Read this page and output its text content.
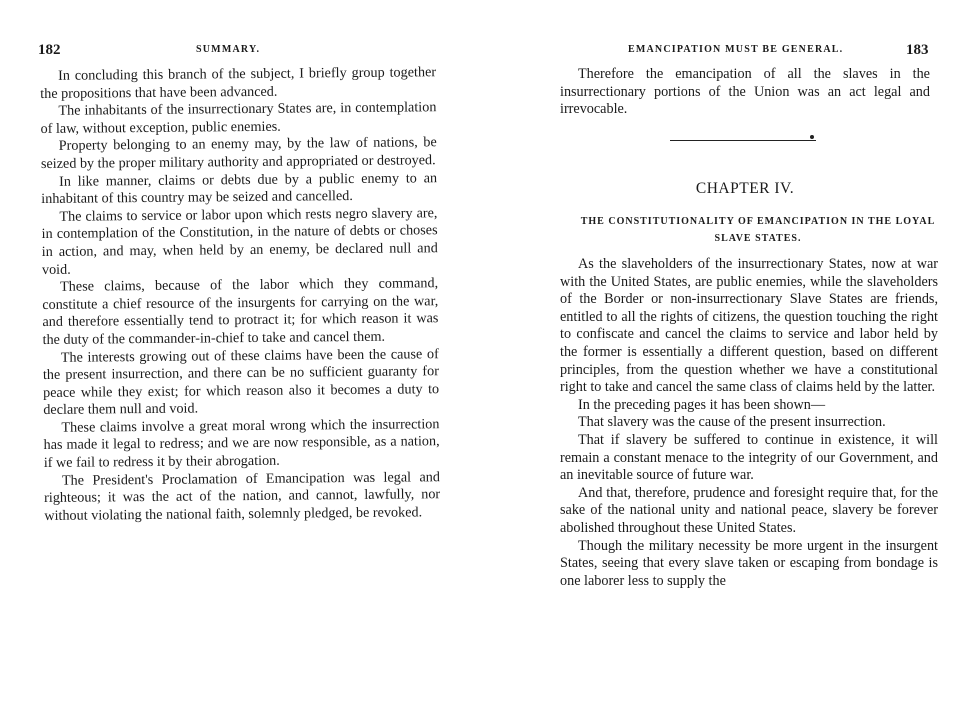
182	SUMMARY.

In concluding this branch of the subject, I briefly group together the propositions that have been advanced.

The inhabitants of the insurrectionary States are, in contemplation of law, without exception, public enemies.

Property belonging to an enemy may, by the law of nations, be seized by the proper military authority and appropriated or destroyed.

In like manner, claims or debts due by a public enemy to an inhabitant of this country may be seized and cancelled.

The claims to service or labor upon which rests negro slavery are, in contemplation of the Constitution, in the nature of debts or choses in action, and may, when held by an enemy, be declared null and void.

These claims, because of the labor which they command, constitute a chief resource of the insurgents for carrying on the war, and therefore essentially tend to protract it; for which reason it was the duty of the commander-in-chief to take and cancel them.

The interests growing out of these claims have been the cause of the present insurrection, and there can be no sufficient guaranty for peace while they exist; for which reason also it becomes a duty to declare them null and void.

These claims involve a great moral wrong which the insurrection has made it legal to redress; and we are now responsible, as a nation, if we fail to redress it by their abrogation.

The President's Proclamation of Emancipation was legal and righteous; it was the act of the nation, and cannot, lawfully, nor without violating the national faith, solemnly pledged, be revoked.

EMANCIPATION MUST BE GENERAL.	183

Therefore the emancipation of all the slaves in the insurrectionary portions of the Union was an act legal and irrevocable.

CHAPTER IV.
THE CONSTITUTIONALITY OF EMANCIPATION IN THE LOYAL SLAVE STATES.

As the slaveholders of the insurrectionary States, now at war with the United States, are public enemies, while the slaveholders of the Border or non-insurrectionary Slave States are friends, entitled to all the rights of citizens, the question touching the right to confiscate and cancel the claims to service and labor held by the former is essentially a different question, based on different principles, from the question whether we have a constitutional right to take and cancel the same class of claims held by the latter.

In the preceding pages it has been shown—

That slavery was the cause of the present insurrection.

That if slavery be suffered to continue in existence, it will remain a constant menace to the integrity of our Government, and an inevitable source of future war.

And that, therefore, prudence and foresight require that, for the sake of the national unity and national peace, slavery be forever abolished throughout these United States.

Though the military necessity be more urgent in the insurgent States, seeing that every slave taken or escaping from bondage is one laborer less to supply the
